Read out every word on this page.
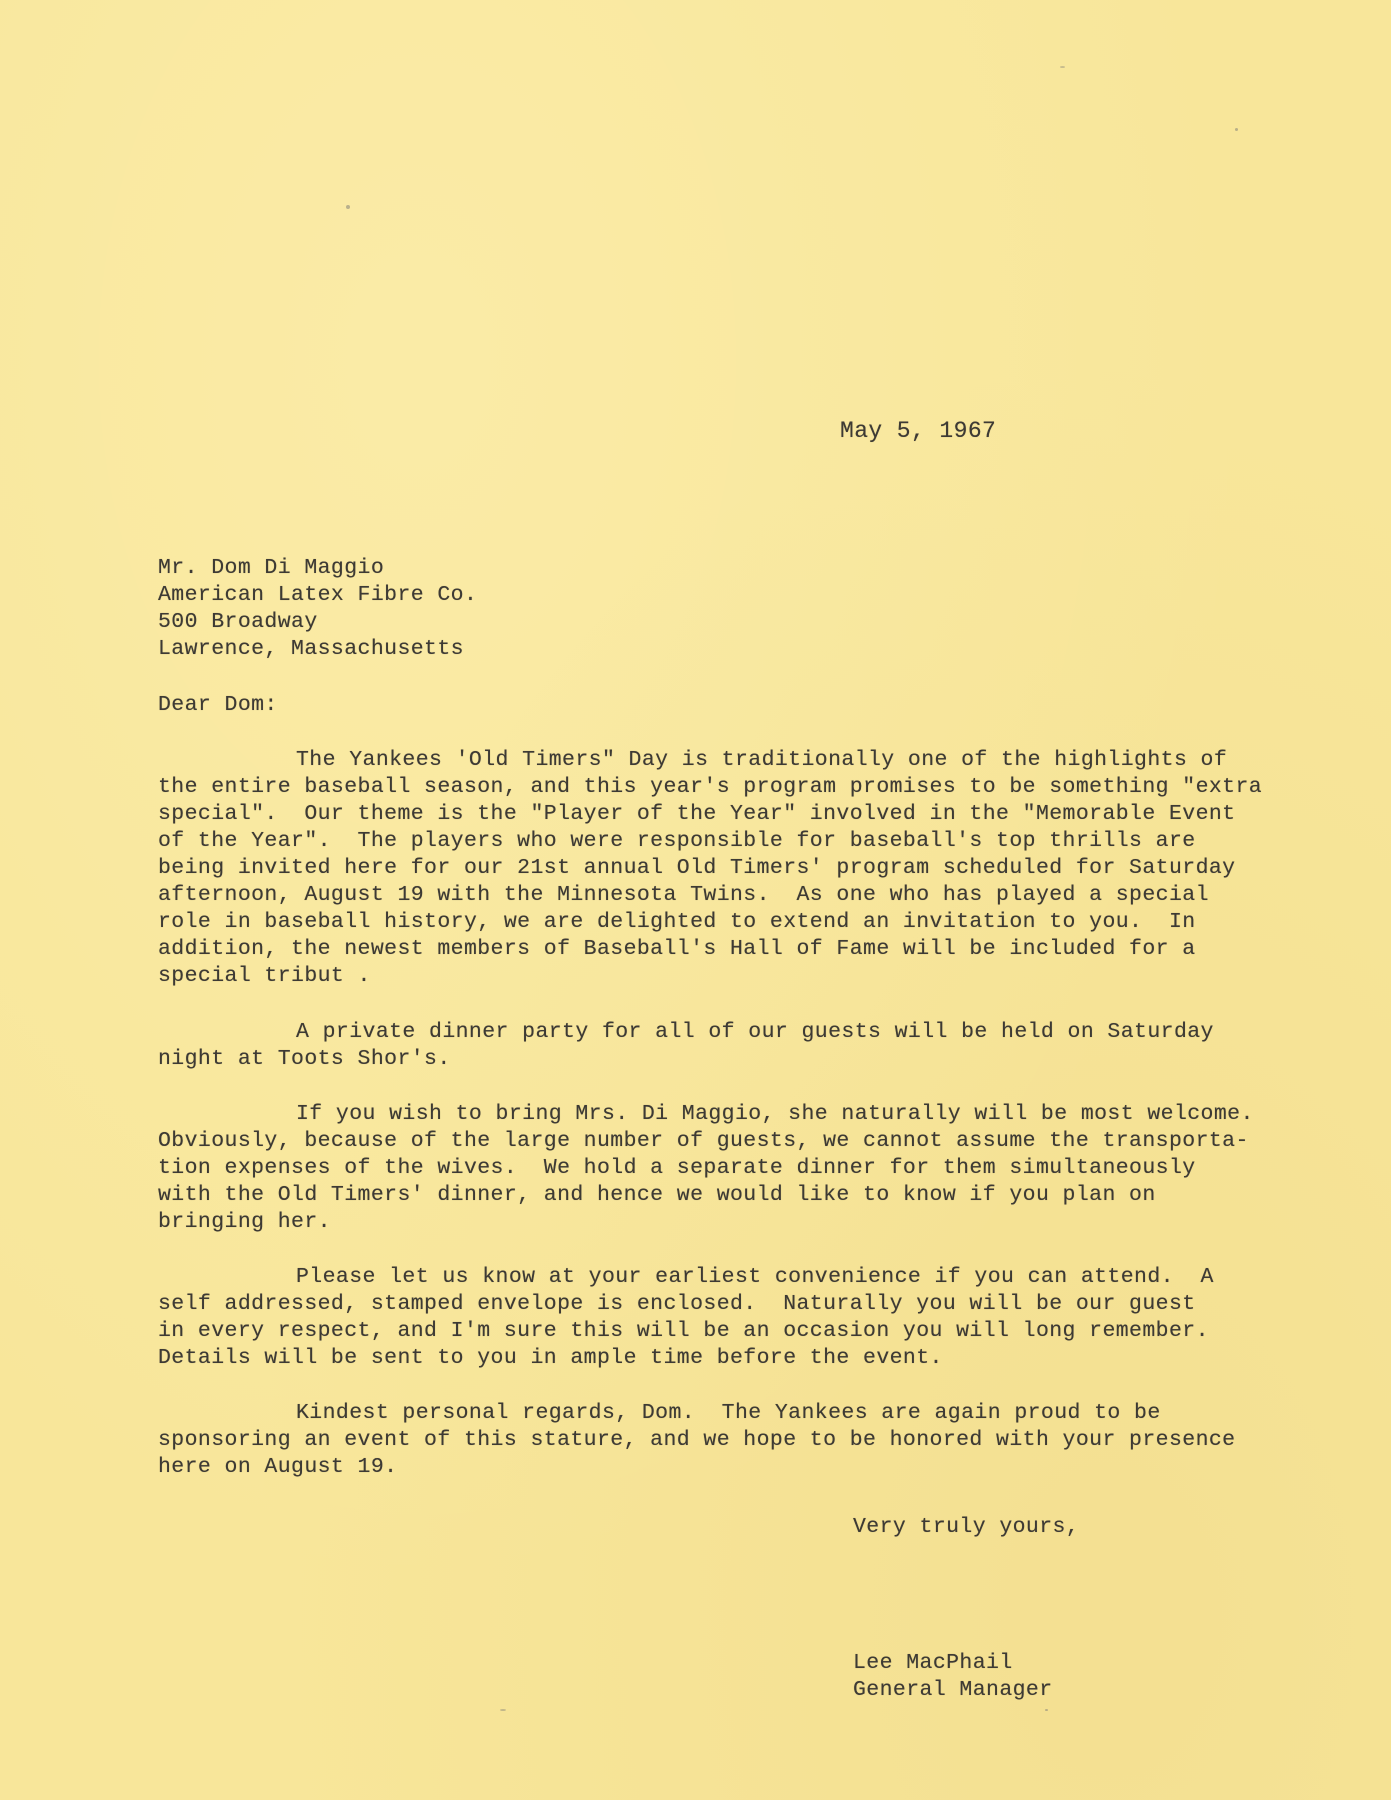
May 5, 1967
Mr. Dom Di Maggio
American Latex Fibre Co.
500 Broadway
Lawrence, Massachusetts
Dear Dom:
The Yankees 'Old Timers" Day is traditionally one of the highlights of
the entire baseball season, and this year's program promises to be something "extra
special".  Our theme is the "Player of the Year" involved in the "Memorable Event
of the Year".  The players who were responsible for baseball's top thrills are
being invited here for our 21st annual Old Timers' program scheduled for Saturday
afternoon, August 19 with the Minnesota Twins.  As one who has played a special
role in baseball history, we are delighted to extend an invitation to you.  In
addition, the newest members of Baseball's Hall of Fame will be included for a
special tribut .
A private dinner party for all of our guests will be held on Saturday
night at Toots Shor's.
If you wish to bring Mrs. Di Maggio, she naturally will be most welcome.
Obviously, because of the large number of guests, we cannot assume the transporta-
tion expenses of the wives.  We hold a separate dinner for them simultaneously
with the Old Timers' dinner, and hence we would like to know if you plan on
bringing her.
Please let us know at your earliest convenience if you can attend.  A
self addressed, stamped envelope is enclosed.  Naturally you will be our guest
in every respect, and I'm sure this will be an occasion you will long remember.
Details will be sent to you in ample time before the event.
Kindest personal regards, Dom.  The Yankees are again proud to be
sponsoring an event of this stature, and we hope to be honored with your presence
here on August 19.
Very truly yours,
Lee MacPhail
General Manager
